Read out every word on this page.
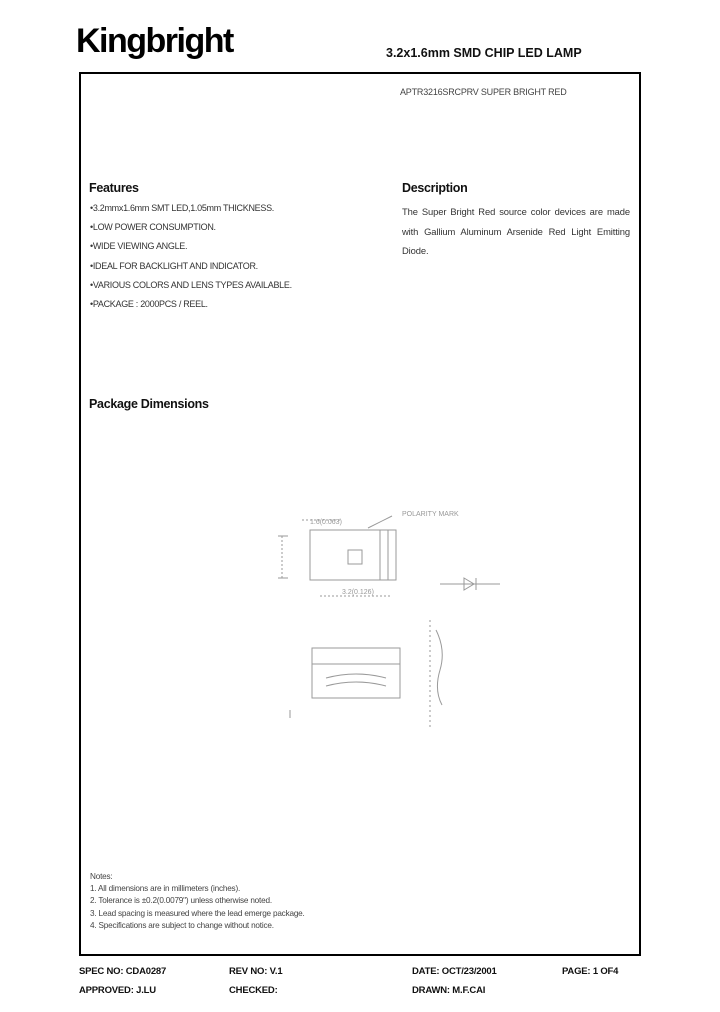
Kingbright	3.2x1.6mm SMD CHIP LED LAMP
APTR3216SRCPRV SUPER BRIGHT RED
Features
•3.2mmx1.6mm SMT LED,1.05mm THICKNESS.
•LOW POWER CONSUMPTION.
•WIDE VIEWING ANGLE.
•IDEAL FOR BACKLIGHT AND INDICATOR.
•VARIOUS COLORS AND LENS TYPES AVAILABLE.
•PACKAGE : 2000PCS / REEL.
Description
The Super Bright Red source color devices are made with Gallium Aluminum Arsenide Red Light Emitting Diode.
Package Dimensions
POLARITY MARK
1.6(0.063)
3.2(0.126)
Notes:
1. All dimensions are in millimeters (inches).
2. Tolerance is ±0.2(0.0079") unless otherwise noted.
3. Lead spacing is measured where the lead emerge package.
4. Specifications are subject to change without notice.
SPEC NO: CDA0287	REV NO: V.1	DATE: OCT/23/2001	PAGE: 1 OF4
APPROVED: J.LU	CHECKED:	DRAWN: M.F.CAI
